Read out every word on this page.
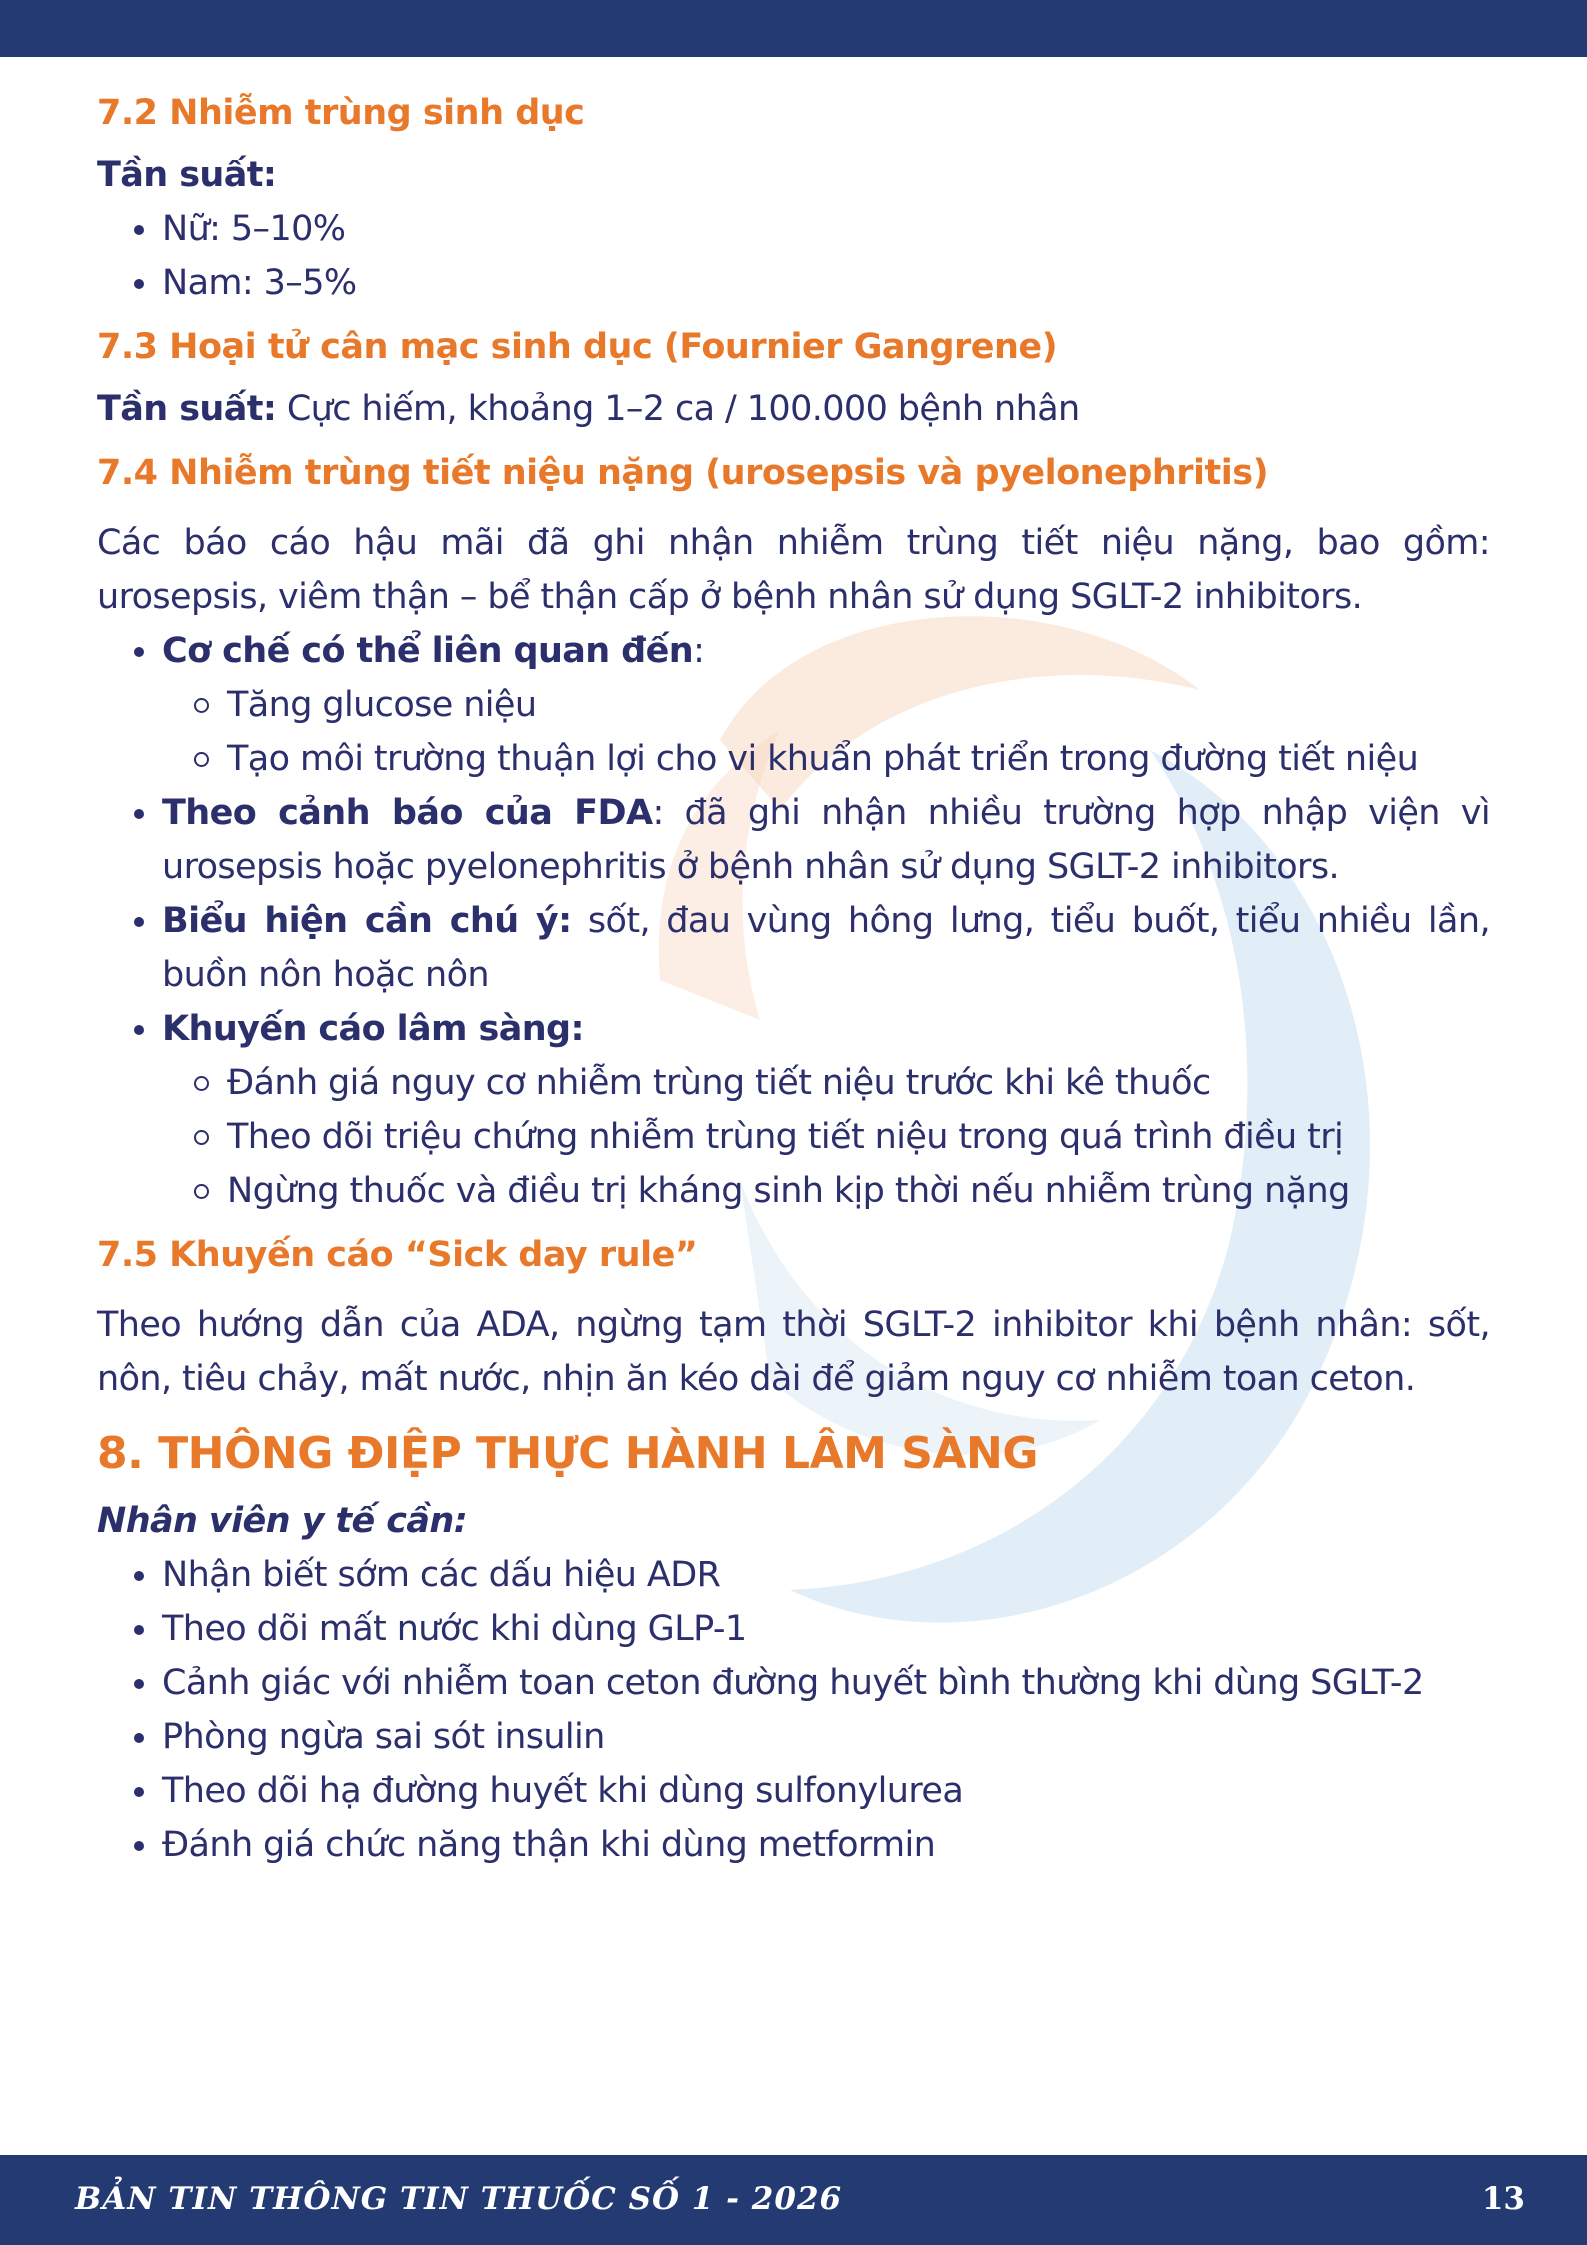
7.2 Nhiễm trùng sinh dục

Tần suất:

Nữ: 5–10%
Nam: 3–5%
7.3 Hoại tử cân mạc sinh dục (Fournier Gangrene)

Tần suất: Cực hiếm, khoảng 1–2 ca / 100.000 bệnh nhân

7.4 Nhiễm trùng tiết niệu nặng (urosepsis và pyelonephritis)

Các báo cáo hậu mãi đã ghi nhận nhiễm trùng tiết niệu nặng, bao gồm: urosepsis, viêm thận – bể thận cấp ở bệnh nhân sử dụng SGLT-2 inhibitors.

Cơ chế có thể liên quan đến:
Tăng glucose niệu
Tạo môi trường thuận lợi cho vi khuẩn phát triển trong đường tiết niệu
Theo cảnh báo của FDA: đã ghi nhận nhiều trường hợp nhập viện vì urosepsis hoặc pyelonephritis ở bệnh nhân sử dụng SGLT-2 inhibitors.
Biểu hiện cần chú ý: sốt, đau vùng hông lưng, tiểu buốt, tiểu nhiều lần, buồn nôn hoặc nôn
Khuyến cáo lâm sàng:
Đánh giá nguy cơ nhiễm trùng tiết niệu trước khi kê thuốc
Theo dõi triệu chứng nhiễm trùng tiết niệu trong quá trình điều trị
Ngừng thuốc và điều trị kháng sinh kịp thời nếu nhiễm trùng nặng
7.5 Khuyến cáo “Sick day rule”

Theo hướng dẫn của ADA, ngừng tạm thời SGLT-2 inhibitor khi bệnh nhân: sốt, nôn, tiêu chảy, mất nước, nhịn ăn kéo dài để giảm nguy cơ nhiễm toan ceton.

8. THÔNG ĐIỆP THỰC HÀNH LÂM SÀNG

Nhân viên y tế cần:

Nhận biết sớm các dấu hiệu ADR
Theo dõi mất nước khi dùng GLP-1
Cảnh giác với nhiễm toan ceton đường huyết bình thường khi dùng SGLT-2
Phòng ngừa sai sót insulin
Theo dõi hạ đường huyết khi dùng sulfonylurea
Đánh giá chức năng thận khi dùng metformin
BẢN TIN THÔNG TIN THUỐC SỐ 1 - 2026	13
